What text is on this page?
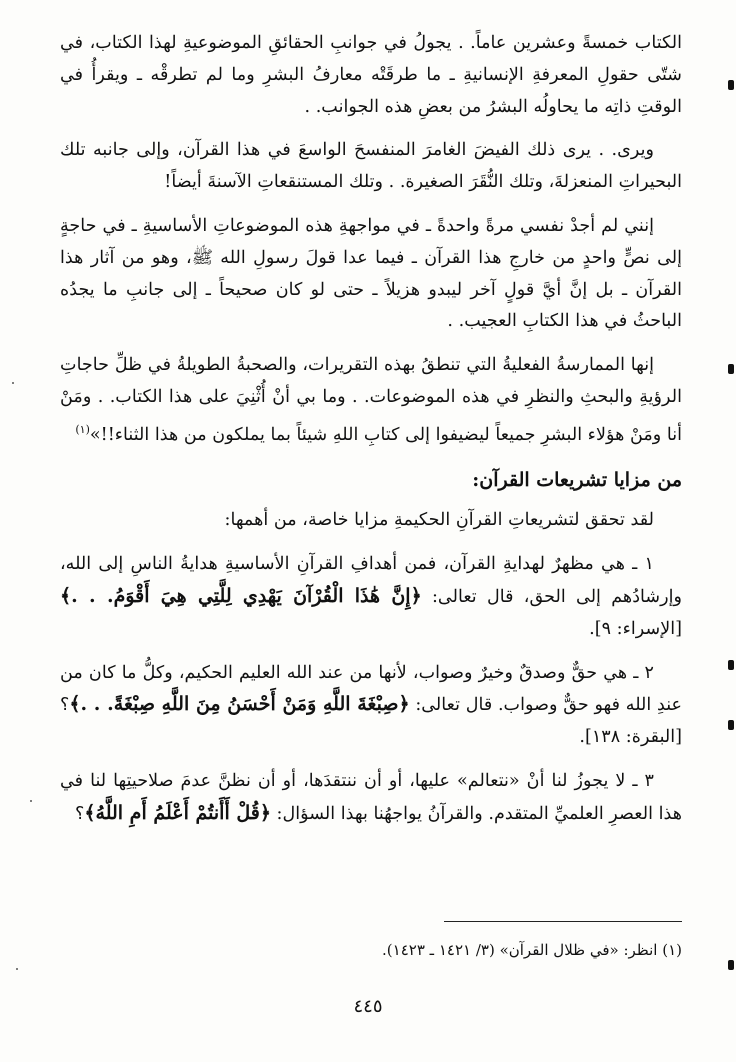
الكتاب خمسةً وعشرين عاماً. . يجولُ في جوانبِ الحقائقِ الموضوعيةِ لهذا الكتاب، في شتّى حقولِ المعرفةِ الإنسانيةِ ـ ما طرقَتْه معارفُ البشرِ وما لم تطرقْه ـ ويقرأُ في الوقتِ ذاتِه ما يحاولُه البشرُ من بعضِ هذه الجوانب. .

ويرى. . يرى ذلك الفيضَ الغامرَ المنفسحَ الواسعَ في هذا القرآن، وإلى جانبه تلك البحيراتِ المنعزلةَ، وتلك النُّقَرَ الصغيرة. . وتلك المستنقعاتِ الآسنةَ أيضاً!

إنني لم أجدْ نفسي مرةً واحدةً ـ في مواجهةِ هذه الموضوعاتِ الأساسيةِ ـ في حاجةٍ إلى نصٍّ واحدٍ من خارجِ هذا القرآن ـ فيما عدا قولَ رسولِ الله ﷺ، وهو من آثار هذا القرآن ـ بل إنَّ أيَّ قولٍ آخر ليبدو هزيلاً ـ حتى لو كان صحيحاً ـ إلى جانبِ ما يجدُه الباحثُ في هذا الكتابِ العجيب. .

إنها الممارسةُ الفعليةُ التي تنطقُ بهذه التقريرات، والصحبةُ الطويلةُ في ظلِّ حاجاتِ الرؤيةِ والبحثِ والنظرِ في هذه الموضوعات. . وما بي أنْ أُثْنِيَ على هذا الكتاب. . ومَنْ أنا ومَنْ هؤلاء البشرِ جميعاً ليضيفوا إلى كتابِ اللهِ شيئاً بما يملكون من هذا الثناء!!»$^{(١)}$

من مزايا تشريعات القرآن:

لقد تحقق لتشريعاتِ القرآنِ الحكيمةِ مزايا خاصة، من أهمها:

١ ـ هي مظهرٌ لهدايةِ القرآن، فمن أهدافِ القرآنِ الأساسيةِ هدايةُ الناسِ إلى الله، وإرشادُهم إلى الحق، قال تعالى: ﴿إِنَّ هَٰذَا الْقُرْآنَ يَهْدِي لِلَّتِي هِيَ أَقْوَمُ. . .﴾ [الإسراء: ٩].

٢ ـ هي حقٌّ وصدقٌ وخيرٌ وصواب، لأنها من عند الله العليم الحكيم، وكلُّ ما كان من عندِ الله فهو حقٌّ وصواب. قال تعالى: ﴿صِبْغَةَ اللَّهِ وَمَنْ أَحْسَنُ مِنَ اللَّهِ صِبْغَةً. . .﴾؟ [البقرة: ١٣٨].

٣ ـ لا يجوزُ لنا أنْ «نتعالم» عليها، أو أن ننتقدَها، أو أن نظنَّ عدمَ صلاحيتِها لنا في هذا العصرِ العلميِّ المتقدم. والقرآنُ يواجهُنا بهذا السؤال: ﴿قُلْ أَأَنتُمْ أَعْلَمُ أَمِ اللَّهُ﴾؟

(١) انظر: «في ظلال القرآن» (٣/ ١٤٢١ ـ ١٤٢٣).
٤٤٥
